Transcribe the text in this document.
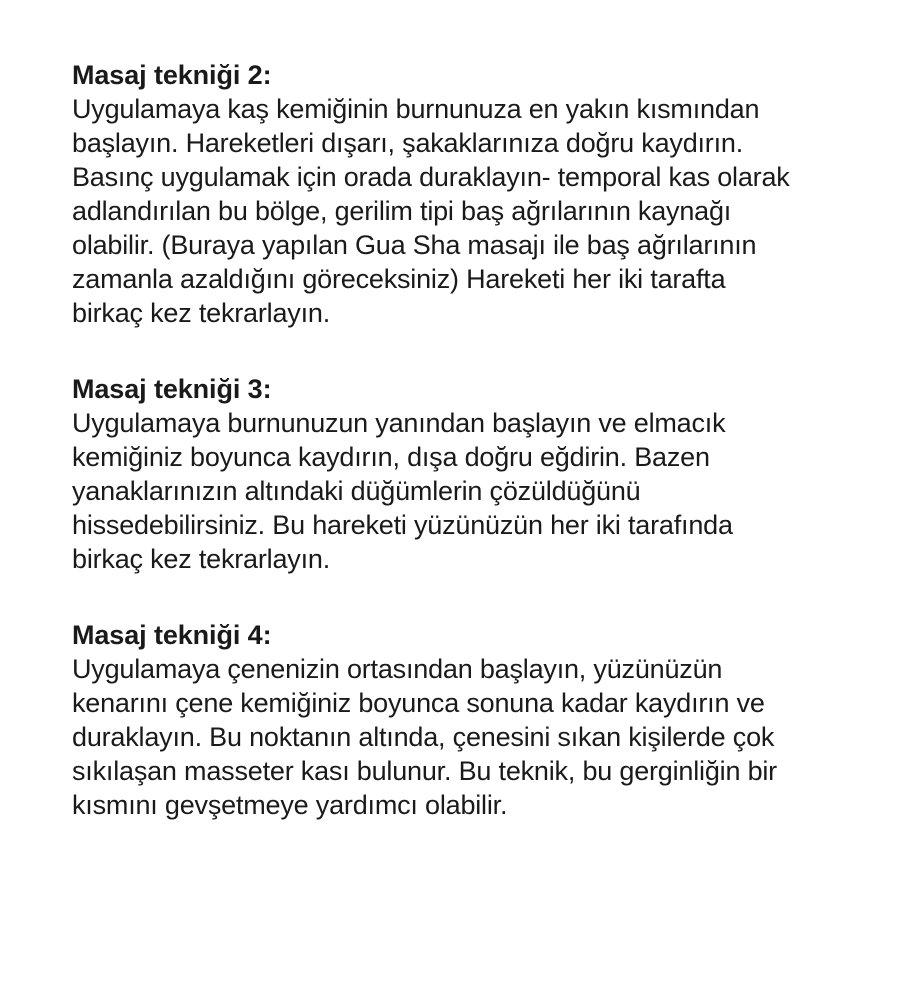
Masaj tekniği 2:

Uygulamaya kaş kemiğinin burnunuza en yakın kısmından
başlayın. Hareketleri dışarı, şakaklarınıza doğru kaydırın.
Basınç uygulamak için orada duraklayın- temporal kas olarak
adlandırılan bu bölge, gerilim tipi baş ağrılarının kaynağı
olabilir. (Buraya yapılan Gua Sha masajı ile baş ağrılarının
zamanla azaldığını göreceksiniz) Hareketi her iki tarafta
birkaç kez tekrarlayın.

Masaj tekniği 3:

Uygulamaya burnunuzun yanından başlayın ve elmacık
kemiğiniz boyunca kaydırın, dışa doğru eğdirin. Bazen
yanaklarınızın altındaki düğümlerin çözüldüğünü
hissedebilirsiniz. Bu hareketi yüzünüzün her iki tarafında
birkaç kez tekrarlayın.

Masaj tekniği 4:

Uygulamaya çenenizin ortasından başlayın, yüzünüzün
kenarını çene kemiğiniz boyunca sonuna kadar kaydırın ve
duraklayın. Bu noktanın altında, çenesini sıkan kişilerde çok
sıkılaşan masseter kası bulunur. Bu teknik, bu gerginliğin bir
kısmını gevşetmeye yardımcı olabilir.
